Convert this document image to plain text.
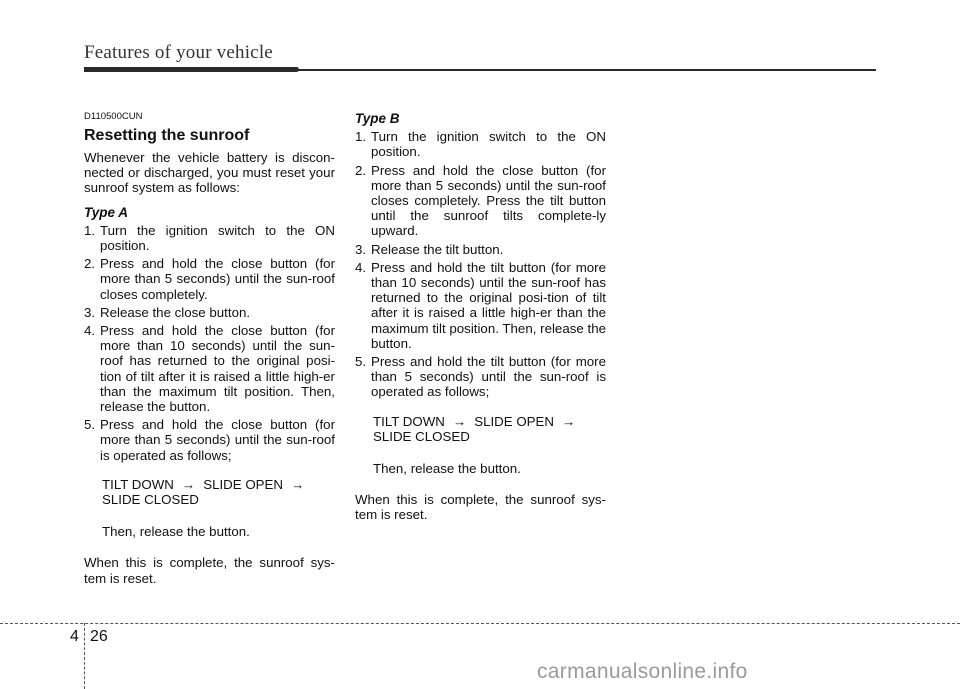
Features of your vehicle
D110500CUN
Resetting the sunroof

Whenever the vehicle battery is discon-nected or discharged, you must reset your sunroof system as follows:

Type A
1. Turn the ignition switch to the ON position.
2. Press and hold the close button (for more than 5 seconds) until the sun-roof closes completely.
3. Release the close button.
4. Press and hold the close button (for more than 10 seconds) until the sun-roof has returned to the original posi-tion of tilt after it is raised a little high-er than the maximum tilt position. Then, release the button.
5. Press and hold the close button (for more than 5 seconds) until the sun-roof is operated as follows;
TILT DOWN → SLIDE OPEN →
SLIDE CLOSED

Then, release the button.

When this is complete, the sunroof sys-tem is reset.

Type B
1. Turn the ignition switch to the ON position.
2. Press and hold the close button (for more than 5 seconds) until the sun-roof closes completely. Press the tilt button until the sunroof tilts complete-ly upward.
3. Release the tilt button.
4. Press and hold the tilt button (for more than 10 seconds) until the sun-roof has returned to the original posi-tion of tilt after it is raised a little high-er than the maximum tilt position. Then, release the button.
5. Press and hold the tilt button (for more than 5 seconds) until the sun-roof is operated as follows;
TILT DOWN → SLIDE OPEN →
SLIDE CLOSED

Then, release the button.

When this is complete, the sunroof sys-tem is reset.

4 26
carmanualsonline.info
